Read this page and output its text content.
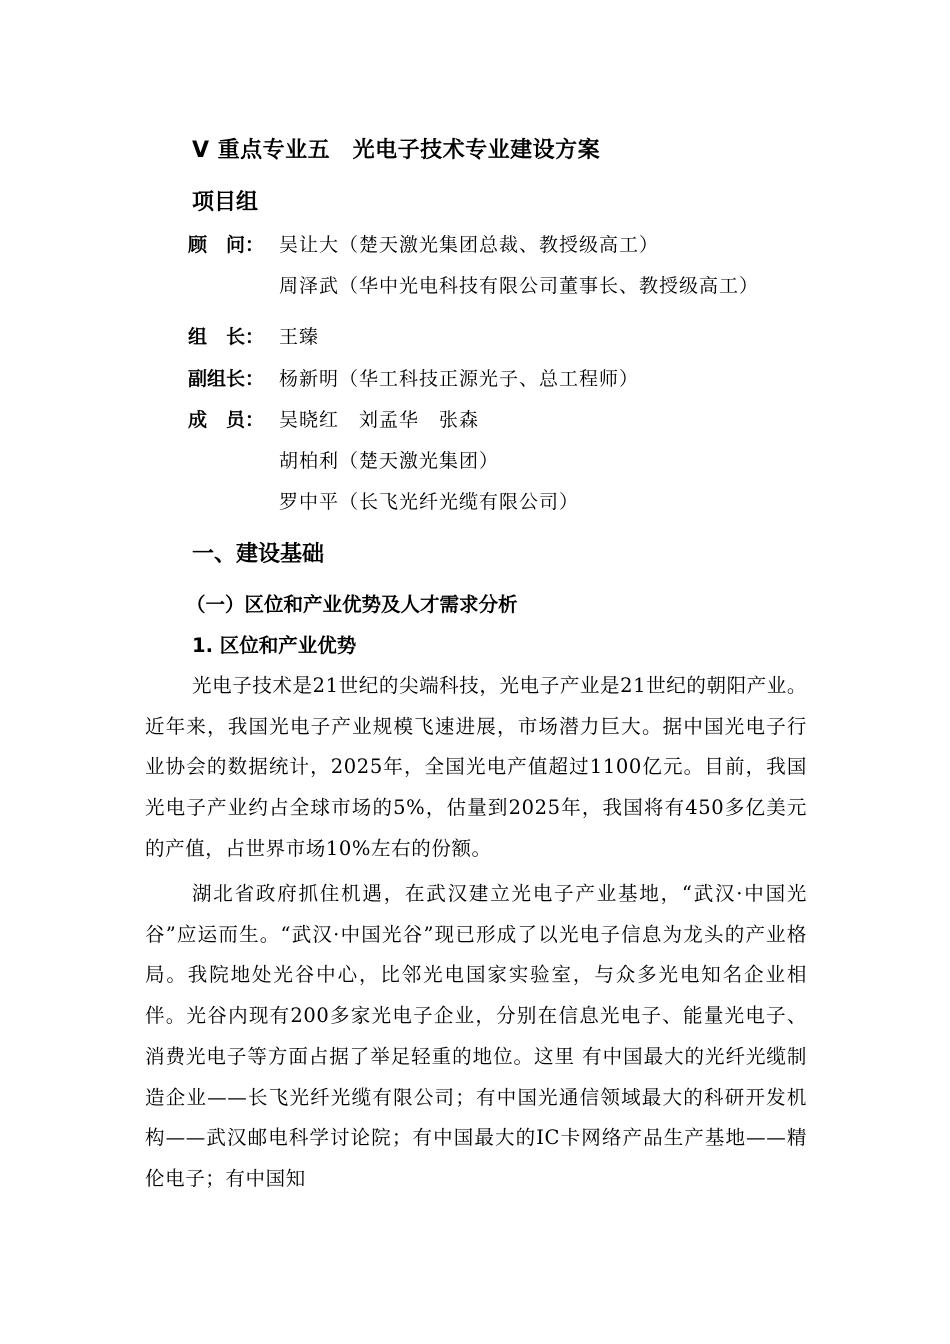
Ⅴ 重点专业五　光电子技术专业建设方案
项目组
顾　问： 吴让大（楚天激光集团总裁、教授级高工）
周泽武（华中光电科技有限公司董事长、教授级高工）
组　长： 王臻
副组长： 杨新明（华工科技正源光子、总工程师）
成　员： 吴晓红　刘孟华　张森
胡柏利（楚天激光集团）
罗中平（长飞光纤光缆有限公司）
一、建设基础
（一）区位和产业优势及人才需求分析
1. 区位和产业优势
光电子技术是21世纪的尖端科技，光电子产业是21世纪的朝阳产业。近年来，我国光电子产业规模飞速进展，市场潜力巨大。据中国光电子行业协会的数据统计，2025年，全国光电产值超过1100亿元。目前，我国光电子产业约占全球市场的5%，估量到2025年，我国将有450多亿美元的产值，占世界市场10%左右的份额。
湖北省政府抓住机遇，在武汉建立光电子产业基地，“武汉·中国光谷”应运而生。“武汉·中国光谷”现已形成了以光电子信息为龙头的产业格局。我院地处光谷中心，比邻光电国家实验室，与众多光电知名企业相伴。光谷内现有200多家光电子企业，分别在信息光电子、能量光电子、消费光电子等方面占据了举足轻重的地位。这里 有中国最大的光纤光缆制造企业——长飞光纤光缆有限公司；有中国光通信领域最大的科研开发机构——武汉邮电科学讨论院；有中国最大的IC卡网络产品生产基地——精伦电子；有中国知
